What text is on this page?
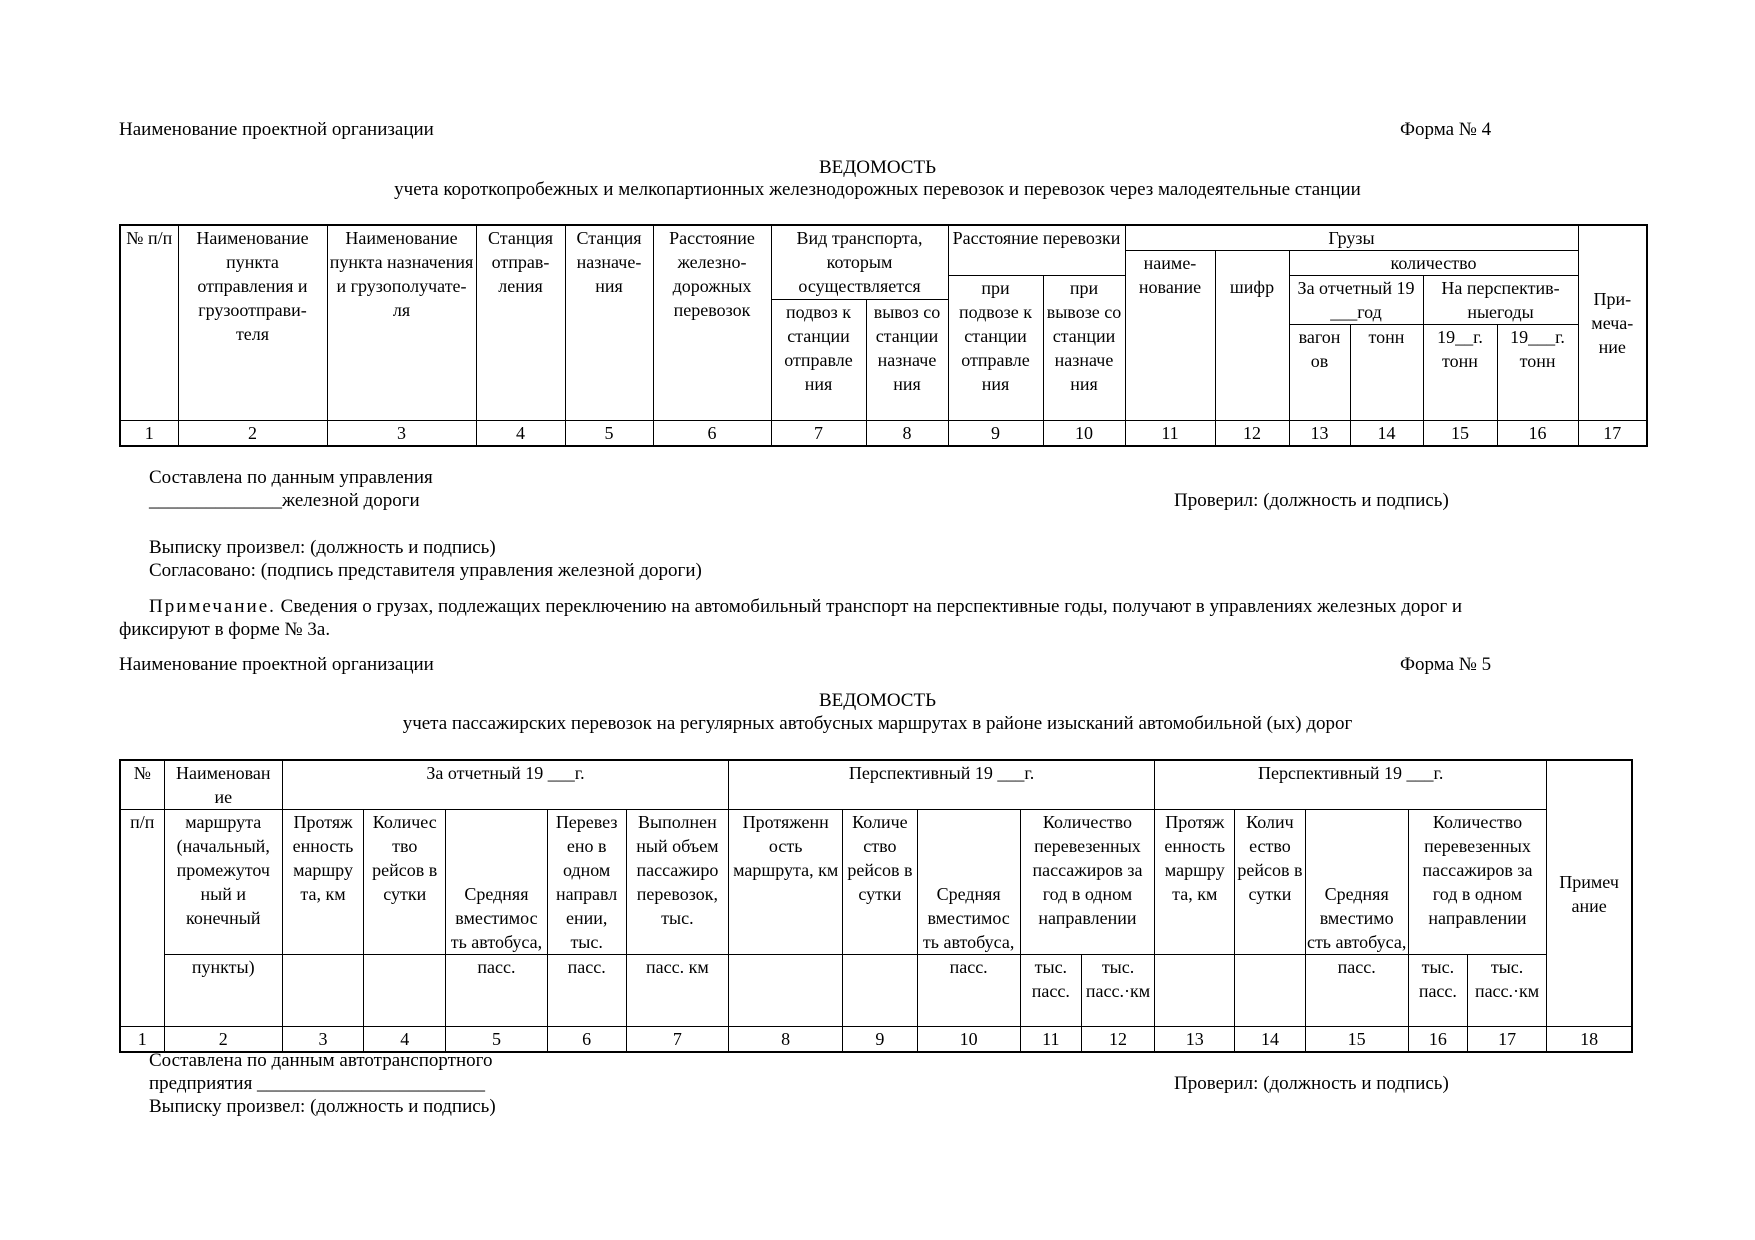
Наименование проектной организации	Форма № 4
ВЕДОМОСТЬ
учета короткопробежных и мелкопартионных железнодорожных перевозок и перевозок через малодеятельные станции
№ п/п	Наименование пункта отправления и грузоотправи- теля	Наименование пункта назначения и грузополучате- ля	Станция отправ- ления	Станция назначе- ния	Расстояние железно- дорожных перевозок	Вид транспорта, которым осуществляется		Расстояние перевозки		Грузы						При- меча- ние
										наиме- нование	шифр	количество				
								при подвозе к станции отправле ния	при вывозе со станции назначе ния			За отчетный 19 ___год		На перспектив- ныегоды		
						подвоз к станции отправле ния	вывоз со станции назначе ния									
												вагон ов	тонн	19__г. тонн	19___г. тонн	
1	2	3	4	5	6	7	8	9	10	11	12	13	14	15	16	17
Составлена по данным управления
______________железной дороги	Проверил: (должность и подпись)
Выписку произвел: (должность и подпись)
Согласовано: (подпись представителя управления железной дороги)
Примечание. Сведения о грузах, подлежащих переключению на автомобильный транспорт на перспективные годы, получают в управлениях железных дорог и
фиксируют в форме № 3а.
Наименование проектной организации	Форма № 5
ВЕДОМОСТЬ
учета пассажирских перевозок на регулярных автобусных маршрутах в районе изысканий автомобильной (ых) дорог
№	Наименован ие	За отчетный 19 ___г.					Перспективный 19 ___г.					Перспективный 19 ___г.					Примеч ание
п/п	маршрута (начальный, промежуточ ный и конечный	Протяж енность маршру та, км	Количес тво рейсов в сутки	Средняя вместимос ть автобуса,	Перевез ено в одном направл ении, тыс.	Выполнен ный объем пассажиро перевозок, тыс.	Протяженн ость маршрута, км	Количе ство рейсов в сутки	Средняя вместимос ть автобуса,	Количество перевезенных пассажиров за год в одном направлении		Протяж енность маршру та, км	Колич ество рейсов в сутки	Средняя вместимо сть автобуса,	Количество перевезенных пассажиров за год в одном направлении		
	пункты)			пасс.	пасс.	пасс. км			пасс.	тыс. пасс.	тыс. пасс.·км			пасс.	тыс. пасс.	тыс. пасс.·км	
1	2	3	4	5	6	7	8	9	10	11	12	13	14	15	16	17	18
Составлена по данным автотранспортного
предприятия ________________________	Проверил: (должность и подпись)
Выписку произвел: (должность и подпись)
